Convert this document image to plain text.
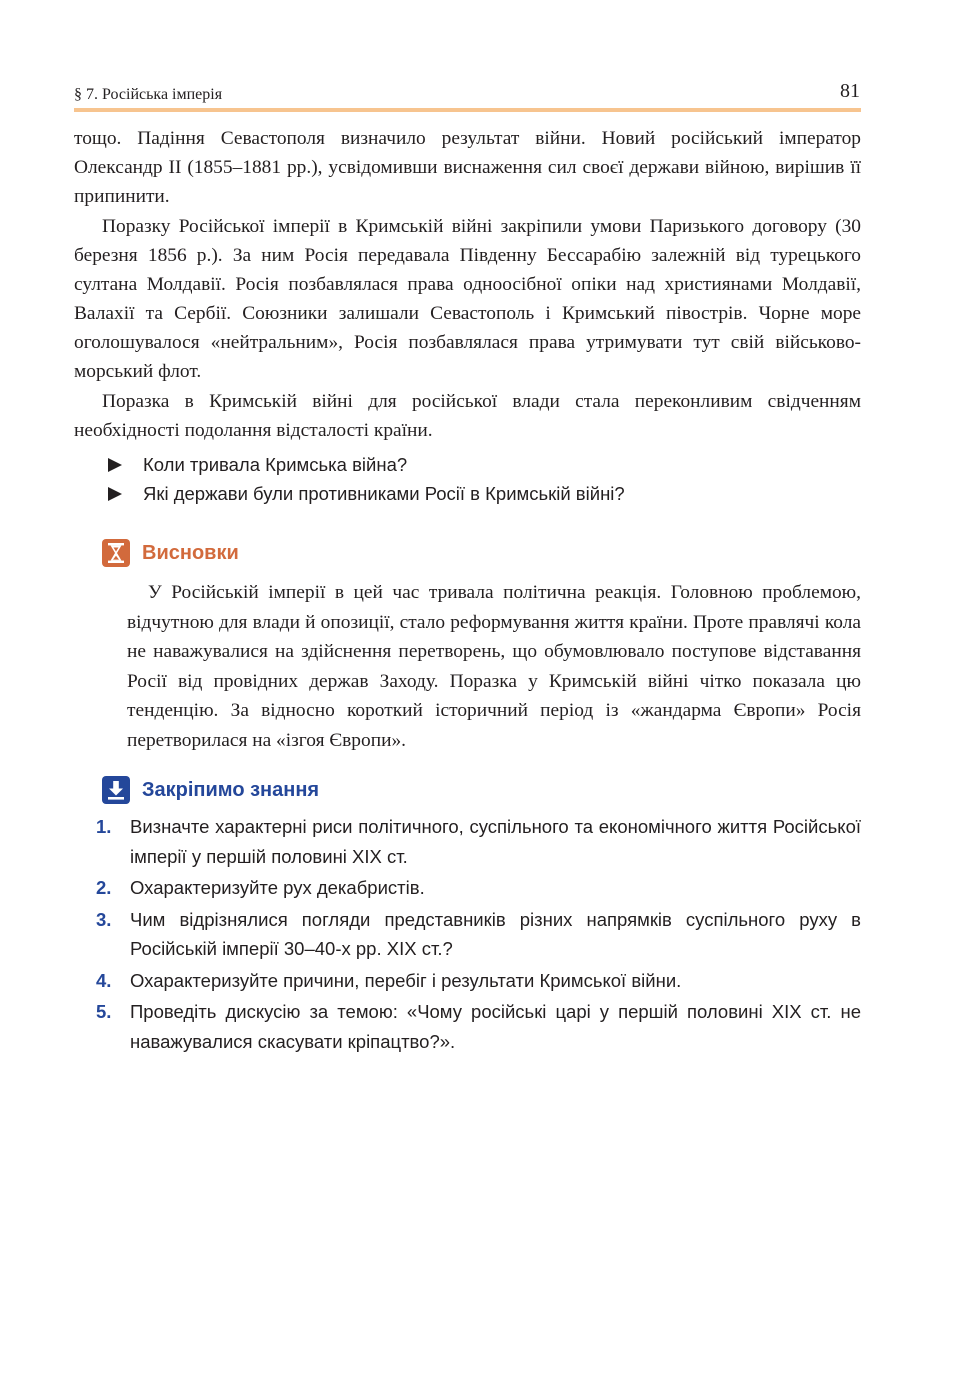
§ 7. Російська імперія	81

тощо. Падіння Севастополя визначило результат війни. Новий російський імператор Олександр II (1855–1881 рр.), усвідомивши виснаження сил своєї держави війною, вирішив її припинити.

Поразку Російської імперії в Кримській війні закріпили умови Паризького договору (30 березня 1856 р.). За ним Росія передавала Південну Бессарабію залежній від турецького султана Молдавії. Росія позбавлялася права одноосібної опіки над християнами Молдавії, Валахії та Сербії. Союзники залишали Севастополь і Кримський півострів. Чорне море оголошувалося «нейтральним», Росія позбавлялася права утримувати тут свій військово-морський флот.

Поразка в Кримській війні для російської влади стала переконливим свідченням необхідності подолання відсталості країни.

Коли тривала Кримська війна?
Які держави були противниками Росії в Кримській війні?
Висновки

У Російській імперії в цей час тривала політична реакція. Головною проблемою, відчутною для влади й опозиції, стало реформування життя країни. Проте правлячі кола не наважувалися на здійснення перетворень, що обумовлювало поступове відставання Росії від провідних держав Заходу. Поразка у Кримській війні чітко показала цю тенденцію. За відносно короткий історичний період із «жандарма Європи» Росія перетворилася на «ізгоя Європи».

Закріпимо знання
1.	Визначте характерні риси політичного, суспільного та економічного життя Російської імперії у першій половині XIX ст.
2.	Охарактеризуйте рух декабристів.
3.	Чим відрізнялися погляди представників різних напрямків суспільного руху в Російській імперії 30–40-х рр. XIX ст.?
4.	Охарактеризуйте причини, перебіг і результати Кримської війни.
5.	Проведіть дискусію за темою: «Чому російські царі у першій половині XIX ст. не наважувалися скасувати кріпацтво?».
